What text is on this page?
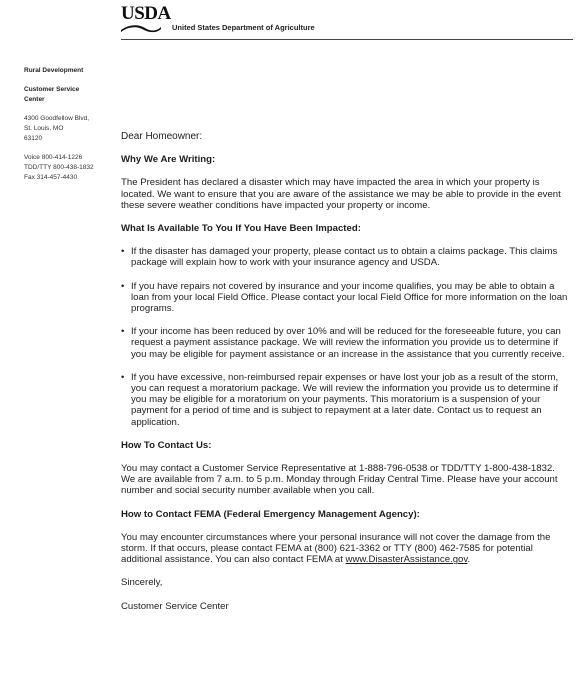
USDA
United States Department of Agriculture
Rural Development
Customer Service
Center
4300 Goodfellow Blvd,
St. Louis, MO
63120
Voice 800-414-1226
TDD/TTY 800-438-1832
Fax 314-457-4430

Dear Homeowner:

Why We Are Writing:

The President has declared a disaster which may have impacted the area in which your property is located. We want to ensure that you are aware of the assistance we may be able to provide in the event these severe weather conditions have impacted your property or income.

What Is Available To You If You Have Been Impacted:

• If the disaster has damaged your property, please contact us to obtain a claims package. This claims package will explain how to work with your insurance agency and USDA.
• If you have repairs not covered by insurance and your income qualifies, you may be able to obtain a loan from your local Field Office. Please contact your local Field Office for more information on the loan programs.
• If your income has been reduced by over 10% and will be reduced for the foreseeable future, you can request a payment assistance package. We will review the information you provide us to determine if you may be eligible for payment assistance or an increase in the assistance that you currently receive.
• If you have excessive, non-reimbursed repair expenses or have lost your job as a result of the storm, you can request a moratorium package. We will review the information you provide us to determine if you may be eligible for a moratorium on your payments. This moratorium is a suspension of your payment for a period of time and is subject to repayment at a later date. Contact us to request an application.

How To Contact Us:

You may contact a Customer Service Representative at 1-888-796-0538 or TDD/TTY 1-800-438-1832. We are available from 7 a.m. to 5 p.m. Monday through Friday Central Time. Please have your account number and social security number available when you call.

How to Contact FEMA (Federal Emergency Management Agency):

You may encounter circumstances where your personal insurance will not cover the damage from the storm. If that occurs, please contact FEMA at (800) 621-3362 or TTY (800) 462-7585 for potential additional assistance. You can also contact FEMA at www.DisasterAssistance.gov.

Sincerely,

Customer Service Center
